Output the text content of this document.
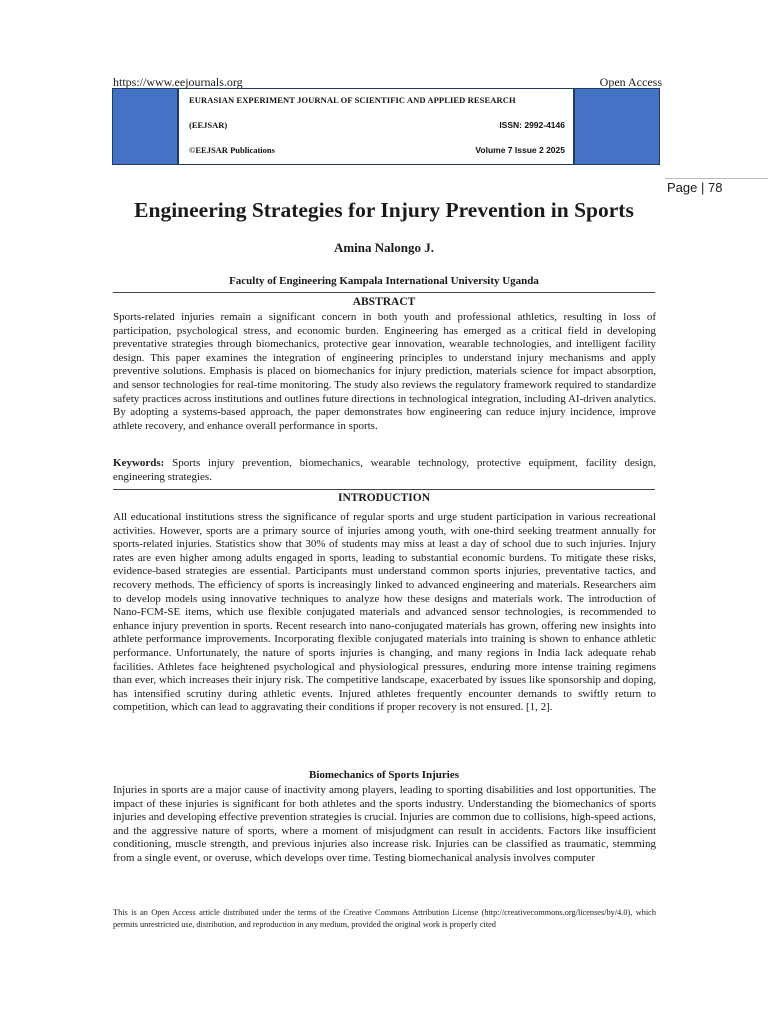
https://www.eejournals.org	Open Access
EURASIAN EXPERIMENT JOURNAL OF SCIENTIFIC AND APPLIED RESEARCH
(EEJSAR)	ISSN: 2992-4146
©EEJSAR Publications	Volume 7 Issue 2 2025
Page | 78
Engineering Strategies for Injury Prevention in Sports
Amina Nalongo J.
Faculty of Engineering Kampala International University Uganda
ABSTRACT

Sports-related injuries remain a significant concern in both youth and professional athletics, resulting in loss of participation, psychological stress, and economic burden. Engineering has emerged as a critical field in developing preventative strategies through biomechanics, protective gear innovation, wearable technologies, and intelligent facility design. This paper examines the integration of engineering principles to understand injury mechanisms and apply preventive solutions. Emphasis is placed on biomechanics for injury prediction, materials science for impact absorption, and sensor technologies for real-time monitoring. The study also reviews the regulatory framework required to standardize safety practices across institutions and outlines future directions in technological integration, including AI-driven analytics. By adopting a systems-based approach, the paper demonstrates how engineering can reduce injury incidence, improve athlete recovery, and enhance overall performance in sports.

Keywords: Sports injury prevention, biomechanics, wearable technology, protective equipment, facility design, engineering strategies.

INTRODUCTION

All educational institutions stress the significance of regular sports and urge student participation in various recreational activities. However, sports are a primary source of injuries among youth, with one-third seeking treatment annually for sports-related injuries. Statistics show that 30% of students may miss at least a day of school due to such injuries. Injury rates are even higher among adults engaged in sports, leading to substantial economic burdens. To mitigate these risks, evidence-based strategies are essential. Participants must understand common sports injuries, preventative tactics, and recovery methods. The efficiency of sports is increasingly linked to advanced engineering and materials. Researchers aim to develop models using innovative techniques to analyze how these designs and materials work. The introduction of Nano-FCM-SE items, which use flexible conjugated materials and advanced sensor technologies, is recommended to enhance injury prevention in sports. Recent research into nano-conjugated materials has grown, offering new insights into athlete performance improvements. Incorporating flexible conjugated materials into training is shown to enhance athletic performance. Unfortunately, the nature of sports injuries is changing, and many regions in India lack adequate rehab facilities. Athletes face heightened psychological and physiological pressures, enduring more intense training regimens than ever, which increases their injury risk. The competitive landscape, exacerbated by issues like sponsorship and doping, has intensified scrutiny during athletic events. Injured athletes frequently encounter demands to swiftly return to competition, which can lead to aggravating their conditions if proper recovery is not ensured. [1, 2].

Biomechanics of Sports Injuries

Injuries in sports are a major cause of inactivity among players, leading to sporting disabilities and lost opportunities. The impact of these injuries is significant for both athletes and the sports industry. Understanding the biomechanics of sports injuries and developing effective prevention strategies is crucial. Injuries are common due to collisions, high-speed actions, and the aggressive nature of sports, where a moment of misjudgment can result in accidents. Factors like insufficient conditioning, muscle strength, and previous injuries also increase risk. Injuries can be classified as traumatic, stemming from a single event, or overuse, which develops over time. Testing biomechanical analysis involves computer

This is an Open Access article distributed under the terms of the Creative Commons Attribution License (http://creativecommons.org/licenses/by/4.0), which permits unrestricted use, distribution, and reproduction in any medium, provided the original work is properly cited
